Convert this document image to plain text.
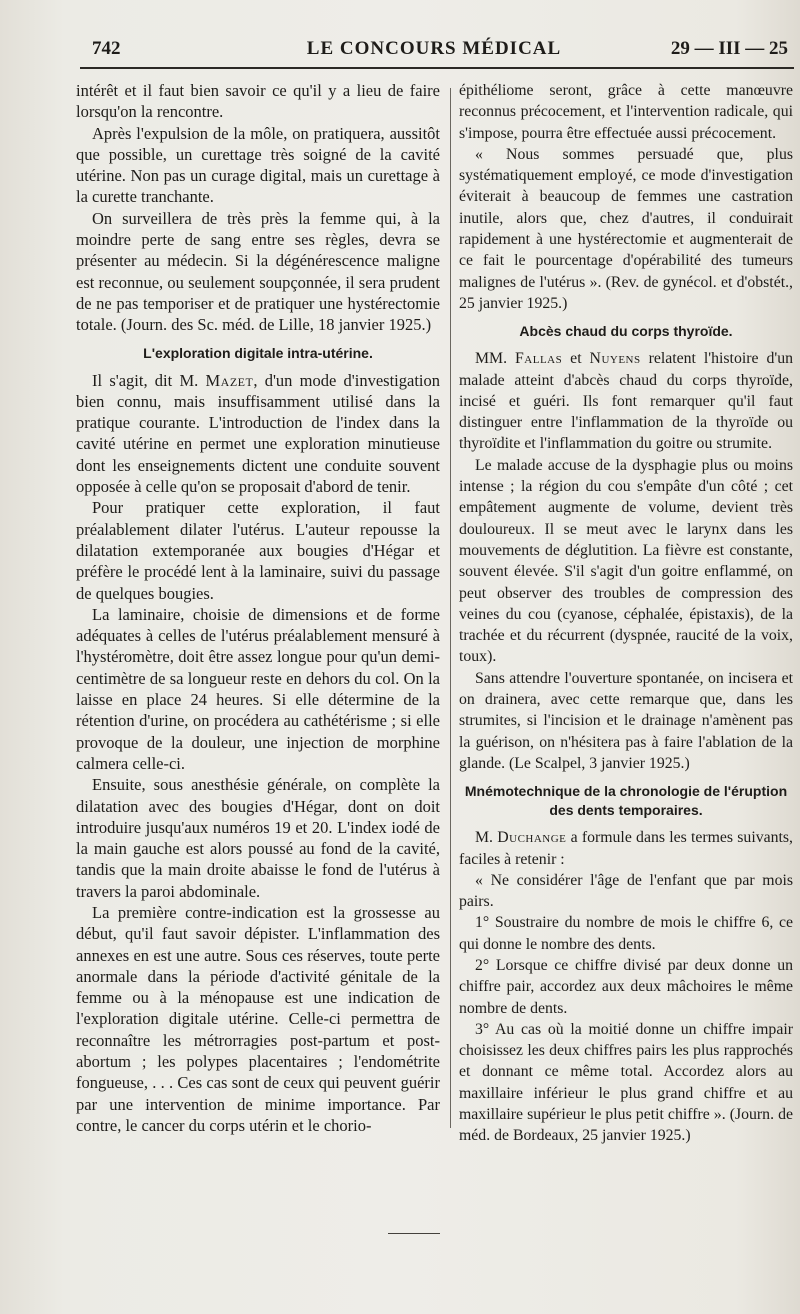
742	LE CONCOURS MÉDICAL	29 — III — 25

intérêt et il faut bien savoir ce qu'il y a lieu de faire lorsqu'on la rencontre.

Après l'expulsion de la môle, on pratiquera, aussitôt que possible, un curettage très soigné de la cavité utérine. Non pas un curage digital, mais un curettage à la curette tranchante.

On surveillera de très près la femme qui, à la moindre perte de sang entre ses règles, devra se présenter au médecin. Si la dégénérescence maligne est reconnue, ou seulement soupçonnée, il sera prudent de ne pas temporiser et de pratiquer une hystérectomie totale. (Journ. des Sc. méd. de Lille, 18 janvier 1925.)

L'exploration digitale intra-utérine.

Il s'agit, dit M. Mazet, d'un mode d'investigation bien connu, mais insuffisamment utilisé dans la pratique courante. L'introduction de l'index dans la cavité utérine en permet une exploration minutieuse dont les enseignements dictent une conduite souvent opposée à celle qu'on se proposait d'abord de tenir.

Pour pratiquer cette exploration, il faut préalablement dilater l'utérus. L'auteur repousse la dilatation extemporanée aux bougies d'Hégar et préfère le procédé lent à la laminaire, suivi du passage de quelques bougies.

La laminaire, choisie de dimensions et de forme adéquates à celles de l'utérus préalablement mensuré à l'hystéromètre, doit être assez longue pour qu'un demi-centimètre de sa longueur reste en dehors du col. On la laisse en place 24 heures. Si elle détermine de la rétention d'urine, on procédera au cathétérisme ; si elle provoque de la douleur, une injection de morphine calmera celle-ci.

Ensuite, sous anesthésie générale, on complète la dilatation avec des bougies d'Hégar, dont on doit introduire jusqu'aux numéros 19 et 20. L'index iodé de la main gauche est alors poussé au fond de la cavité, tandis que la main droite abaisse le fond de l'utérus à travers la paroi abdominale.

La première contre-indication est la grossesse au début, qu'il faut savoir dépister. L'inflammation des annexes en est une autre. Sous ces réserves, toute perte anormale dans la période d'activité génitale de la femme ou à la ménopause est une indication de l'exploration digitale utérine. Celle-ci permettra de reconnaître les métrorragies post-partum et post-abortum ; les polypes placentaires ; l'endométrite fongueuse, . . . Ces cas sont de ceux qui peuvent guérir par une intervention de minime importance. Par contre, le cancer du corps utérin et le chorio-

épithéliome seront, grâce à cette manœuvre reconnus précocement, et l'intervention radicale, qui s'impose, pourra être effectuée aussi précocement.

« Nous sommes persuadé que, plus systématiquement employé, ce mode d'investigation éviterait à beaucoup de femmes une castration inutile, alors que, chez d'autres, il conduirait rapidement à une hystérectomie et augmenterait de ce fait le pourcentage d'opérabilité des tumeurs malignes de l'utérus ». (Rev. de gynécol. et d'obstét., 25 janvier 1925.)

Abcès chaud du corps thyroïde.

MM. Fallas et Nuyens relatent l'histoire d'un malade atteint d'abcès chaud du corps thyroïde, incisé et guéri. Ils font remarquer qu'il faut distinguer entre l'inflammation de la thyroïde ou thyroïdite et l'inflammation du goitre ou strumite.

Le malade accuse de la dysphagie plus ou moins intense ; la région du cou s'empâte d'un côté ; cet empâtement augmente de volume, devient très douloureux. Il se meut avec le larynx dans les mouvements de déglutition. La fièvre est constante, souvent élevée. S'il s'agit d'un goitre enflammé, on peut observer des troubles de compression des veines du cou (cyanose, céphalée, épistaxis), de la trachée et du récurrent (dyspnée, raucité de la voix, toux).

Sans attendre l'ouverture spontanée, on incisera et on drainera, avec cette remarque que, dans les strumites, si l'incision et le drainage n'amènent pas la guérison, on n'hésitera pas à faire l'ablation de la glande. (Le Scalpel, 3 janvier 1925.)

Mnémotechnique de la chronologie de l'éruption des dents temporaires.

M. Duchange a formule dans les termes suivants, faciles à retenir :

« Ne considérer l'âge de l'enfant que par mois pairs.

1° Soustraire du nombre de mois le chiffre 6, ce qui donne le nombre des dents.

2° Lorsque ce chiffre divisé par deux donne un chiffre pair, accordez aux deux mâchoires le même nombre de dents.

3° Au cas où la moitié donne un chiffre impair choisissez les deux chiffres pairs les plus rapprochés et donnant ce même total. Accordez alors au maxillaire inférieur le plus grand chiffre et au maxillaire supérieur le plus petit chiffre ». (Journ. de méd. de Bordeaux, 25 janvier 1925.)
